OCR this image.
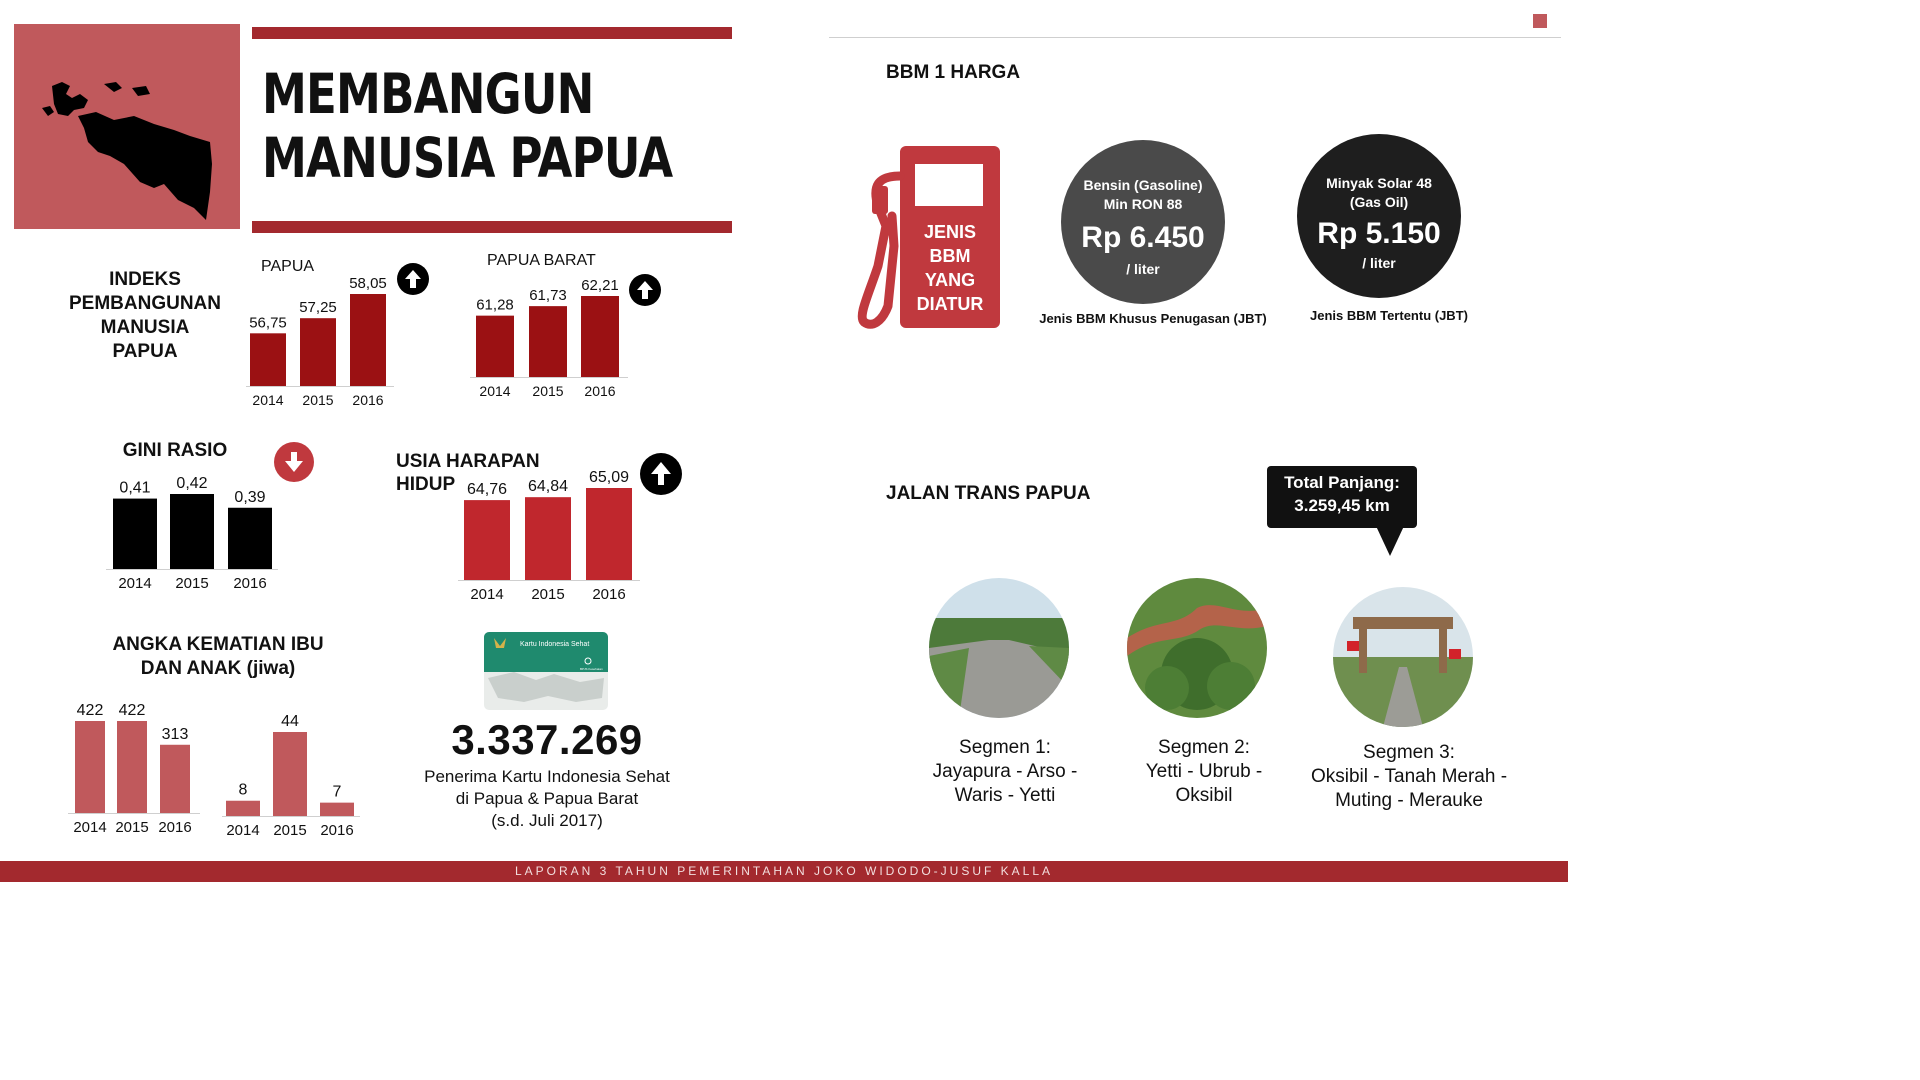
MEMBANGUN
MANUSIA PAPUA
INDEKS
PEMBANGUNAN
MANUSIA
PAPUA
PAPUA
56,75
2014
57,25
2015
58,05
2016
PAPUA BARAT
61,28
2014
61,73
2015
62,21
2016
GINI RASIO
0,41
2014
0,42
2015
0,39
2016
USIA HARAPAN
HIDUP 64,76
2014
64,84
2015
65,09
2016
ANGKA KEMATIAN IBU
DAN ANAK (jiwa)
422
2014
422
2015
313
2016
8
2014
44
2015
7
2016
Kartu Indonesia Sehat
BPJS Kesehatan
3.337.269
Penerima Kartu Indonesia Sehat
di Papua & Papua Barat
(s.d. Juli 2017)
BBM 1 HARGA
JENIS
BBM
YANG
DIATUR
Bensin (Gasoline)
Min RON 88
Rp 6.450
/ liter
Jenis BBM Khusus Penugasan (JBT)
Minyak Solar 48
(Gas Oil)
Rp 5.150
/ liter
Jenis BBM Tertentu (JBT)
JALAN TRANS PAPUA
Total Panjang:
3.259,45 km
Segmen 1:
Jayapura - Arso -
Waris - Yetti
Segmen 2:
Yetti - Ubrub -
Oksibil
Segmen 3:
Oksibil - Tanah Merah -
Muting - Merauke
LAPORAN 3 TAHUN PEMERINTAHAN JOKO WIDODO-JUSUF KALLA
